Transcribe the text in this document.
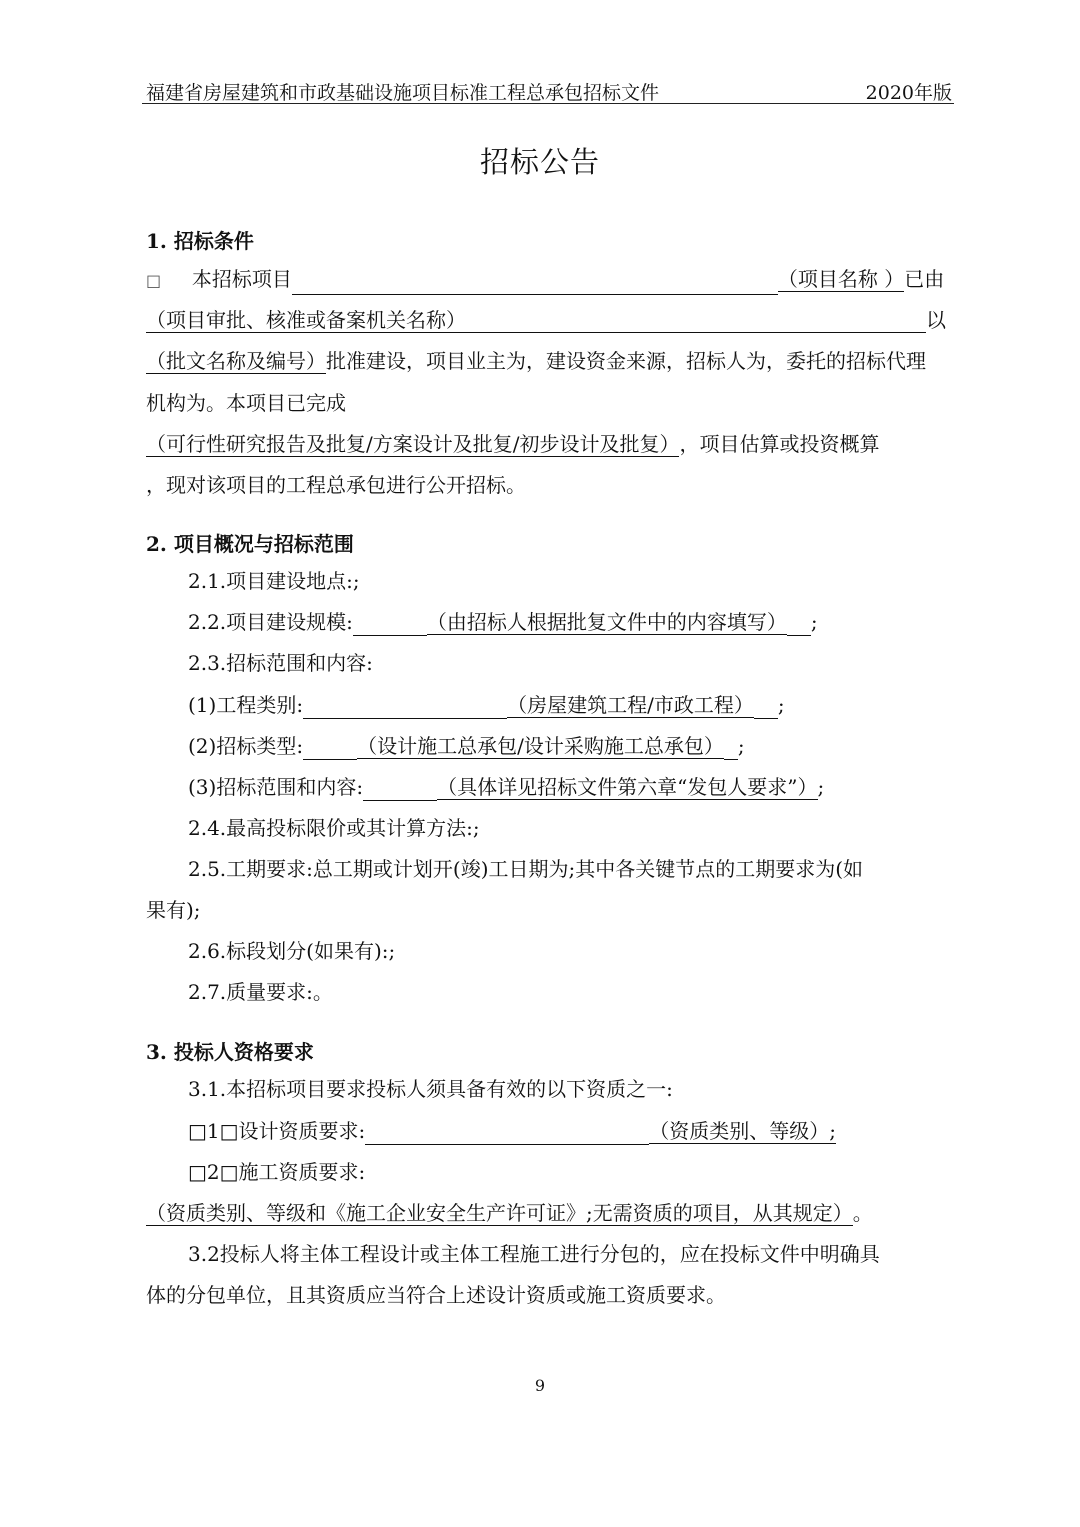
福建省房屋建筑和市政基础设施项目标准工程总承包招标文件	2020年版
招标公告
1. 招标条件
□ 本招标项目	（项目名称 ）已由
（项目审批、核准或备案机关名称）	以
（批文名称及编号）批准建设，项目业主为，建设资金来源，招标人为，委托的招标代理
机构为。本项目已完成
（可行性研究报告及批复/方案设计及批复/初步设计及批复），项目估算或投资概算
，现对该项目的工程总承包进行公开招标。
2. 项目概况与招标范围
2.1.项目建设地点:;
2.2.项目建设规模:	（由招标人根据批复文件中的内容填写） ;
2.3.招标范围和内容:
(1)工程类别:	（房屋建筑工程/市政工程） ;
(2)招标类型:	（设计施工总承包/设计采购施工总承包） ;
(3)招标范围和内容:	（具体详见招标文件第六章“发包人要求”）;
2.4.最高投标限价或其计算方法:;
2.5.工期要求:总工期或计划开(竣)工日期为;其中各关键节点的工期要求为(如
果有);
2.6.标段划分(如果有):;
2.7.质量要求:。
3. 投标人资格要求
3.1.本招标项目要求投标人须具备有效的以下资质之一:
□1□设计资质要求:	（资质类别、等级）;
□2□施工资质要求:
（资质类别、等级和《施工企业安全生产许可证》;无需资质的项目，从其规定）。
3.2投标人将主体工程设计或主体工程施工进行分包的，应在投标文件中明确具
体的分包单位，且其资质应当符合上述设计资质或施工资质要求。
9
